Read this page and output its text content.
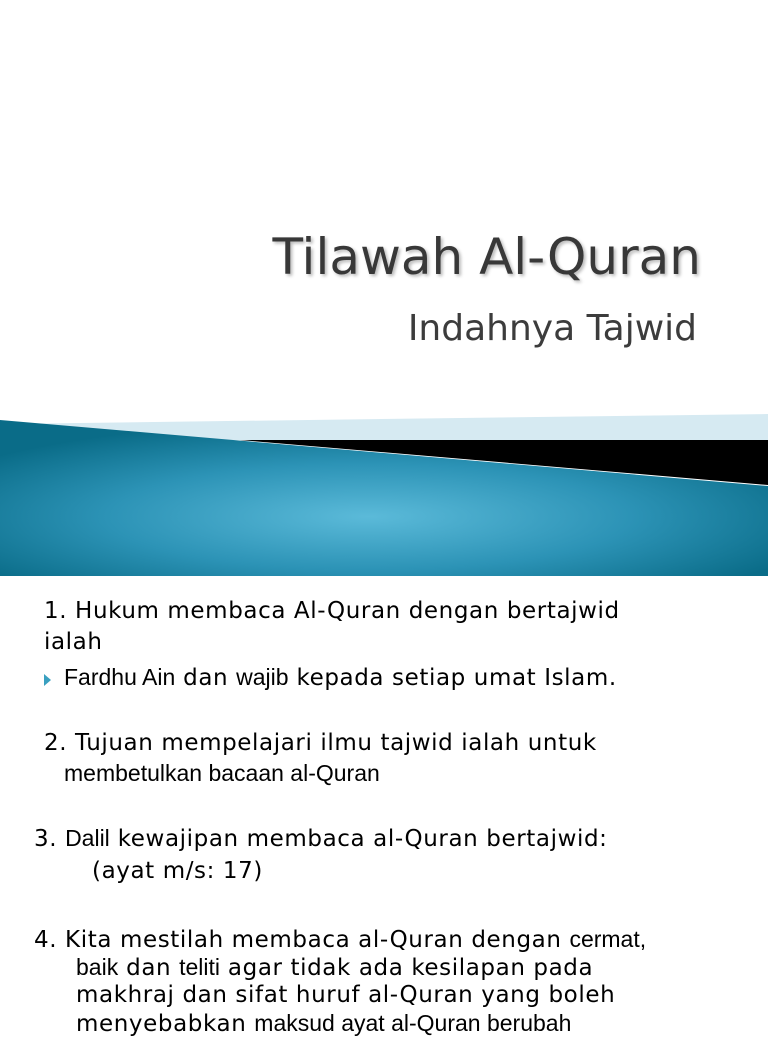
Tilawah Al-Quran
Indahnya Tajwid
1. Hukum membaca Al-Quran dengan bertajwid
ialah
Fardhu Ain dan wajib kepada setiap umat Islam.
2. Tujuan mempelajari ilmu tajwid ialah untuk
membetulkan bacaan al-Quran
3. Dalil kewajipan membaca al-Quran bertajwid:
(ayat m/s: 17)
4. Kita mestilah membaca al-Quran dengan cermat,
baik dan teliti agar tidak ada kesilapan pada
makhraj dan sifat huruf al-Quran yang boleh
menyebabkan maksud ayat al-Quran berubah
